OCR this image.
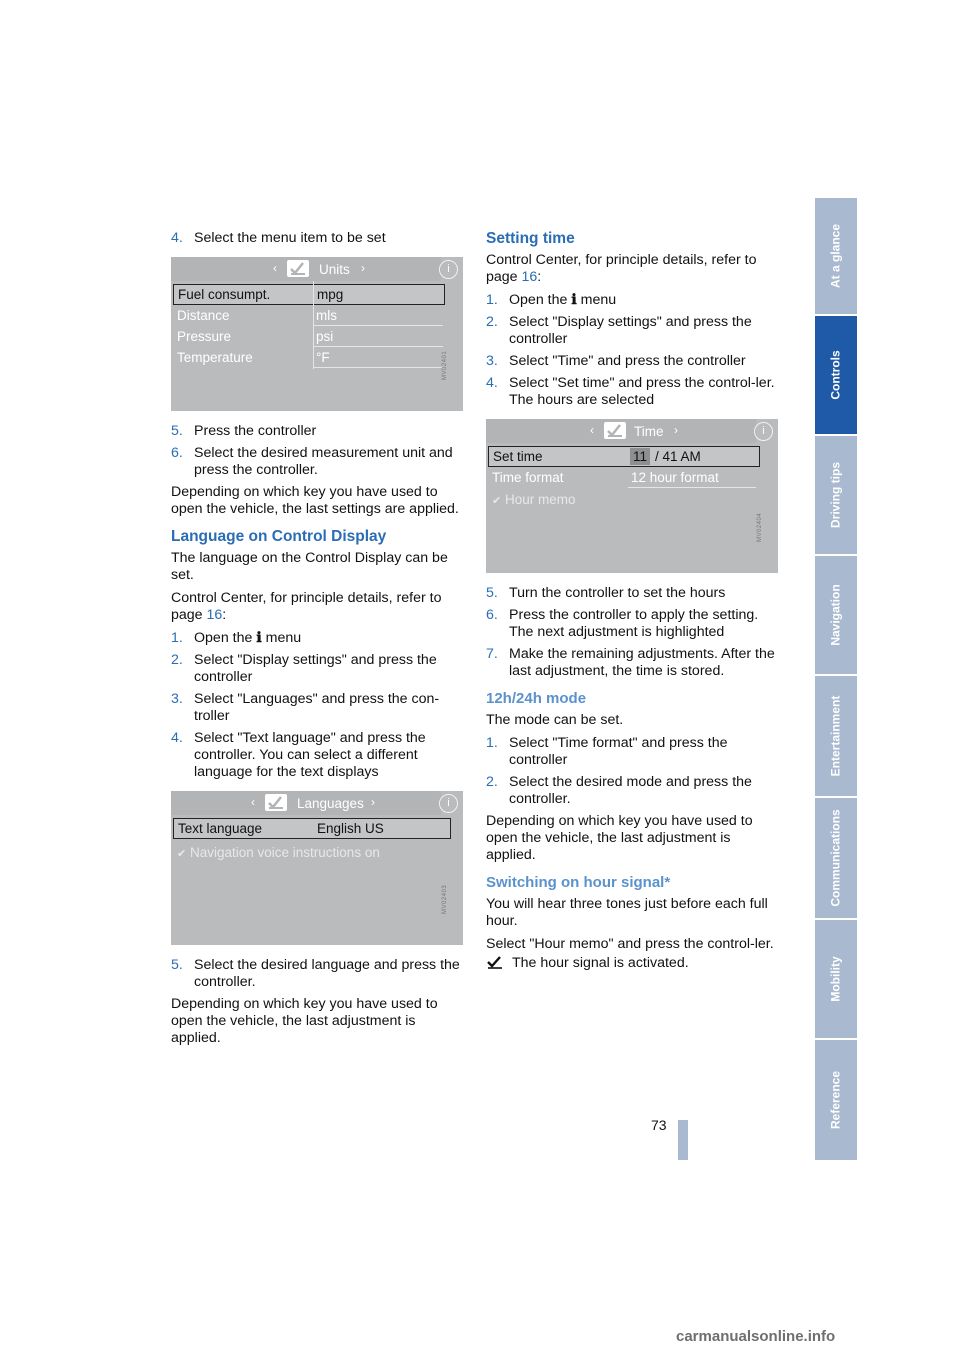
4. Select the menu item to be set
‹	Units ›	i
Fuel consumpt.	mpg
Distance	mls
Pressure	psi
Temperature	°F	MV02401
5. Press the controller
6. Select the desired measurement unit and press the controller.

Depending on which key you have used to open the vehicle, the last settings are applied.

Language on Control Display

The language on the Control Display can be set.

Control Center, for principle details, refer to page 16:

1. Open the ℹ menu
2. Select "Display settings" and press the controller
3. Select "Languages" and press the con-troller
4. Select "Text language" and press the controller. You can select a different language for the text displays
‹	Languages ›	i
Text language	English US
✔ Navigation voice instructions on
MV02403
5. Select the desired language and press the controller.

Depending on which key you have used to open the vehicle, the last adjustment is applied.

Setting time

Control Center, for principle details, refer to page 16:

1. Open the ℹ menu
2. Select "Display settings" and press the controller
3. Select "Time" and press the controller
4. Select "Set time" and press the control-ler. The hours are selected
‹	Time ›	i
Set time	11 / 41 AM
Time format	12 hour format
✔ Hour memo
MV02404
5. Turn the controller to set the hours
6. Press the controller to apply the setting. The next adjustment is highlighted
7. Make the remaining adjustments. After the last adjustment, the time is stored.
12h/24h mode

The mode can be set.

1. Select "Time format" and press the controller
2. Select the desired mode and press the controller.

Depending on which key you have used to open the vehicle, the last adjustment is applied.

Switching on hour signal*

You will hear three tones just before each full hour.

Select "Hour memo" and press the control-ler.

The hour signal is activated.

At a glance
Controls
Driving tips
Navigation
Entertainment
Communications
Mobility
Reference
73
carmanualsonline.info
